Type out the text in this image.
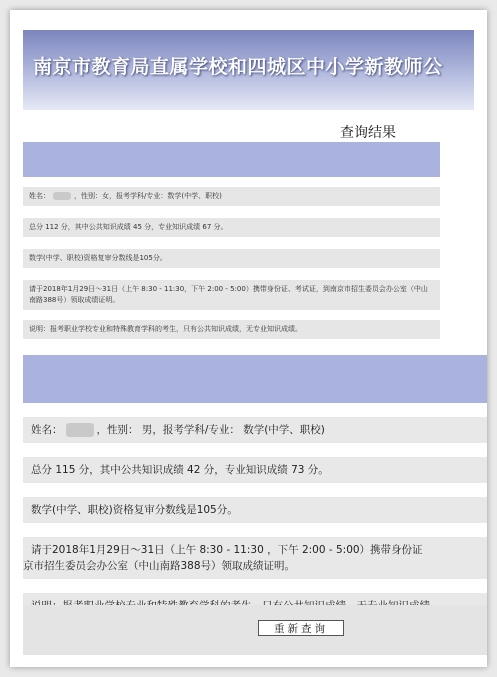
南京市教育局直属学校和四城区中小学新教师公
查询结果
姓名：	，性别：女，报考学科/专业：数学(中学、职校)
总分 112 分，其中公共知识成绩 45 分，专业知识成绩 67 分。
数学(中学、职校)资格复审分数线是105分。
请于2018年1月29日～31日（上午 8:30 - 11:30，下午 2:00 - 5:00）携带身份证、考试证，到南京市招生委员会办公室（中山南路388号）领取成绩证明。
说明：报考职业学校专业和特殊教育学科的考生，只有公共知识成绩，无专业知识成绩。
姓名：	，性别： 男，报考学科/专业： 数学(中学、职校)
总分 115 分，其中公共知识成绩 42 分，专业知识成绩 73 分。
数学(中学、职校)资格复审分数线是105分。
请于2018年1月29日～31日（上午 8:30 - 11:30 ，下午 2:00 - 5:00）携带身份证
京市招生委员会办公室（中山南路388号）领取成绩证明。
重新查询
